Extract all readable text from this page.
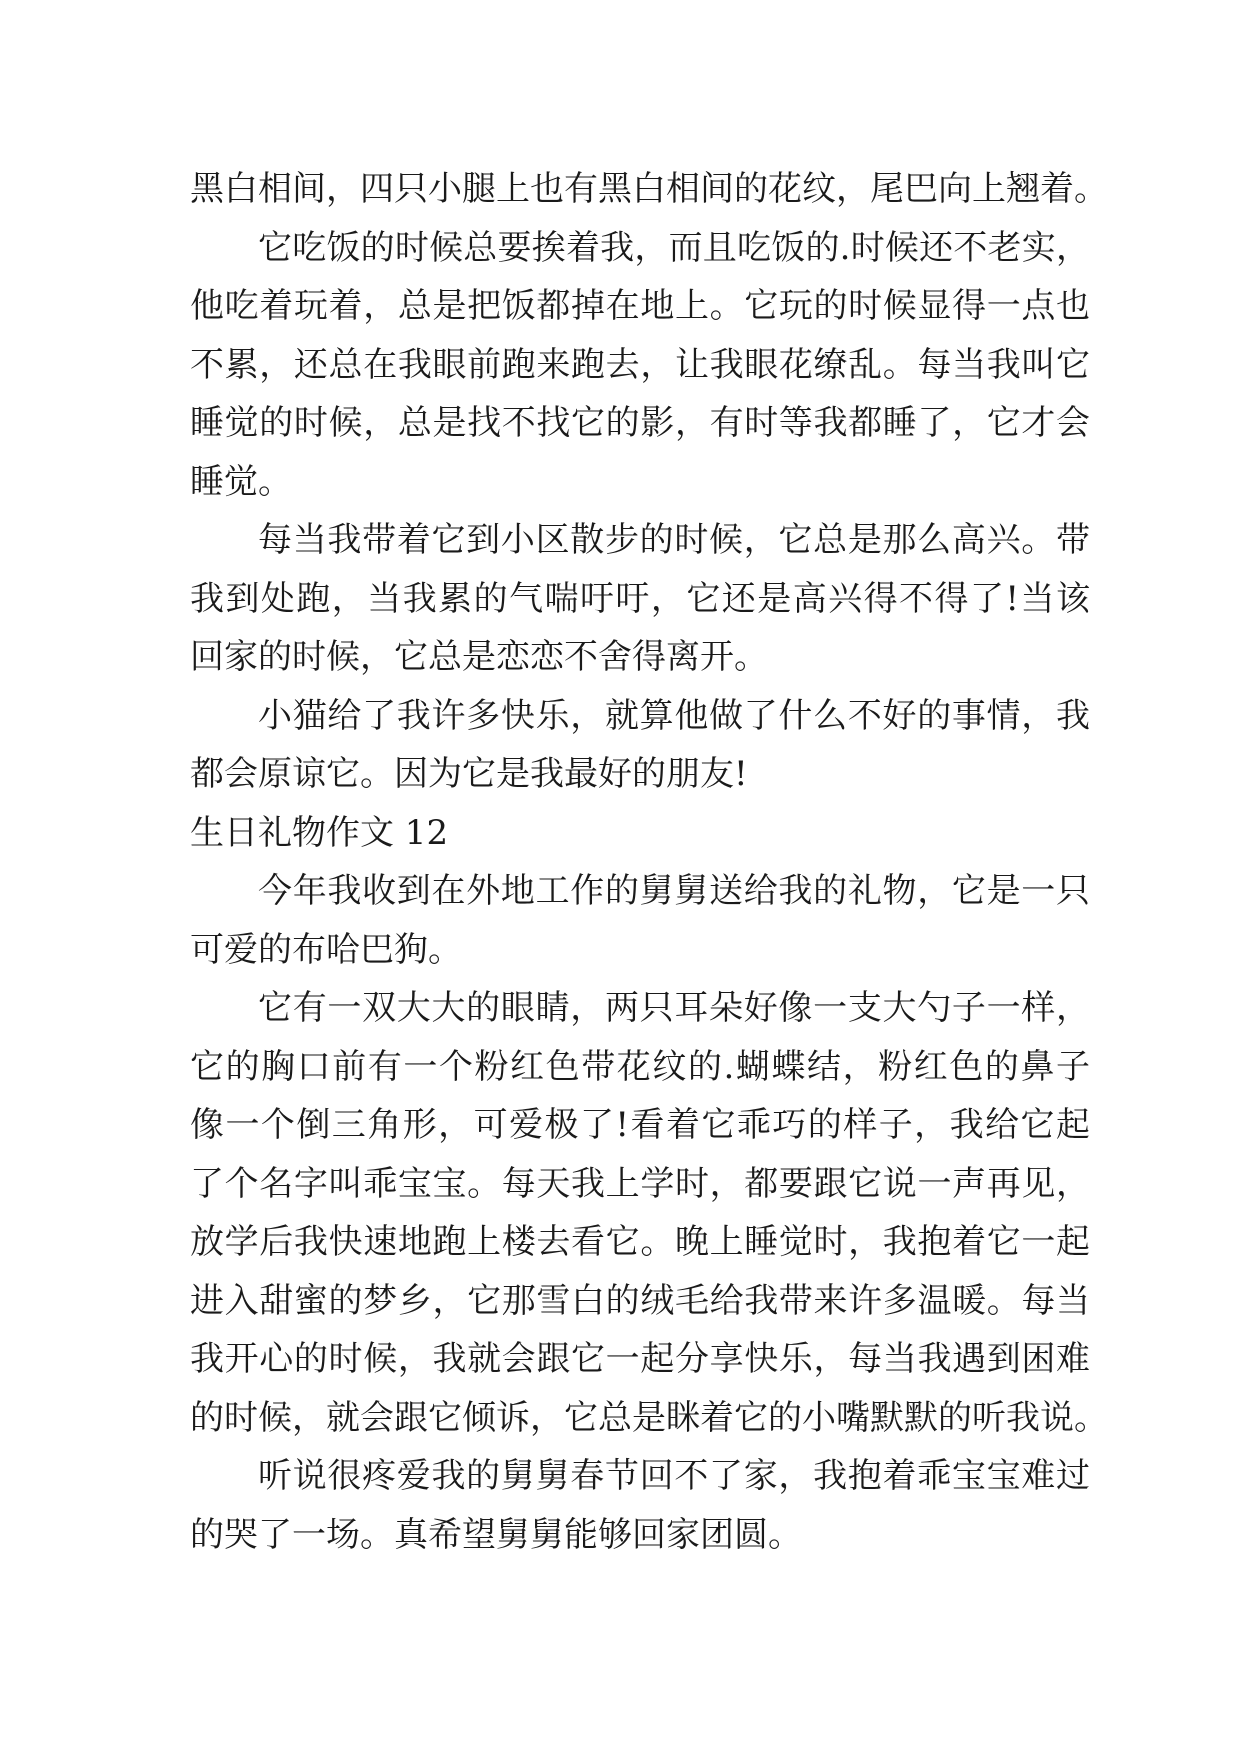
黑白相间，四只小腿上也有黑白相间的花纹，尾巴向上翘着。
它吃饭的时候总要挨着我，而且吃饭的.时候还不老实，
他吃着玩着，总是把饭都掉在地上。它玩的时候显得一点也
不累，还总在我眼前跑来跑去，让我眼花缭乱。每当我叫它
睡觉的时候，总是找不找它的影，有时等我都睡了，它才会
睡觉。
每当我带着它到小区散步的时候，它总是那么高兴。带
我到处跑，当我累的气喘吁吁，它还是高兴得不得了!当该
回家的时候，它总是恋恋不舍得离开。
小猫给了我许多快乐，就算他做了什么不好的事情，我
都会原谅它。因为它是我最好的朋友!
生日礼物作文 12
今年我收到在外地工作的舅舅送给我的礼物，它是一只
可爱的布哈巴狗。
它有一双大大的眼睛，两只耳朵好像一支大勺子一样，
它的胸口前有一个粉红色带花纹的.蝴蝶结，粉红色的鼻子
像一个倒三角形，可爱极了!看着它乖巧的样子，我给它起
了个名字叫乖宝宝。每天我上学时，都要跟它说一声再见，
放学后我快速地跑上楼去看它。晚上睡觉时，我抱着它一起
进入甜蜜的梦乡，它那雪白的绒毛给我带来许多温暖。每当
我开心的时候，我就会跟它一起分享快乐，每当我遇到困难
的时候，就会跟它倾诉，它总是眯着它的小嘴默默的听我说。
听说很疼爱我的舅舅春节回不了家，我抱着乖宝宝难过
的哭了一场。真希望舅舅能够回家团圆。
